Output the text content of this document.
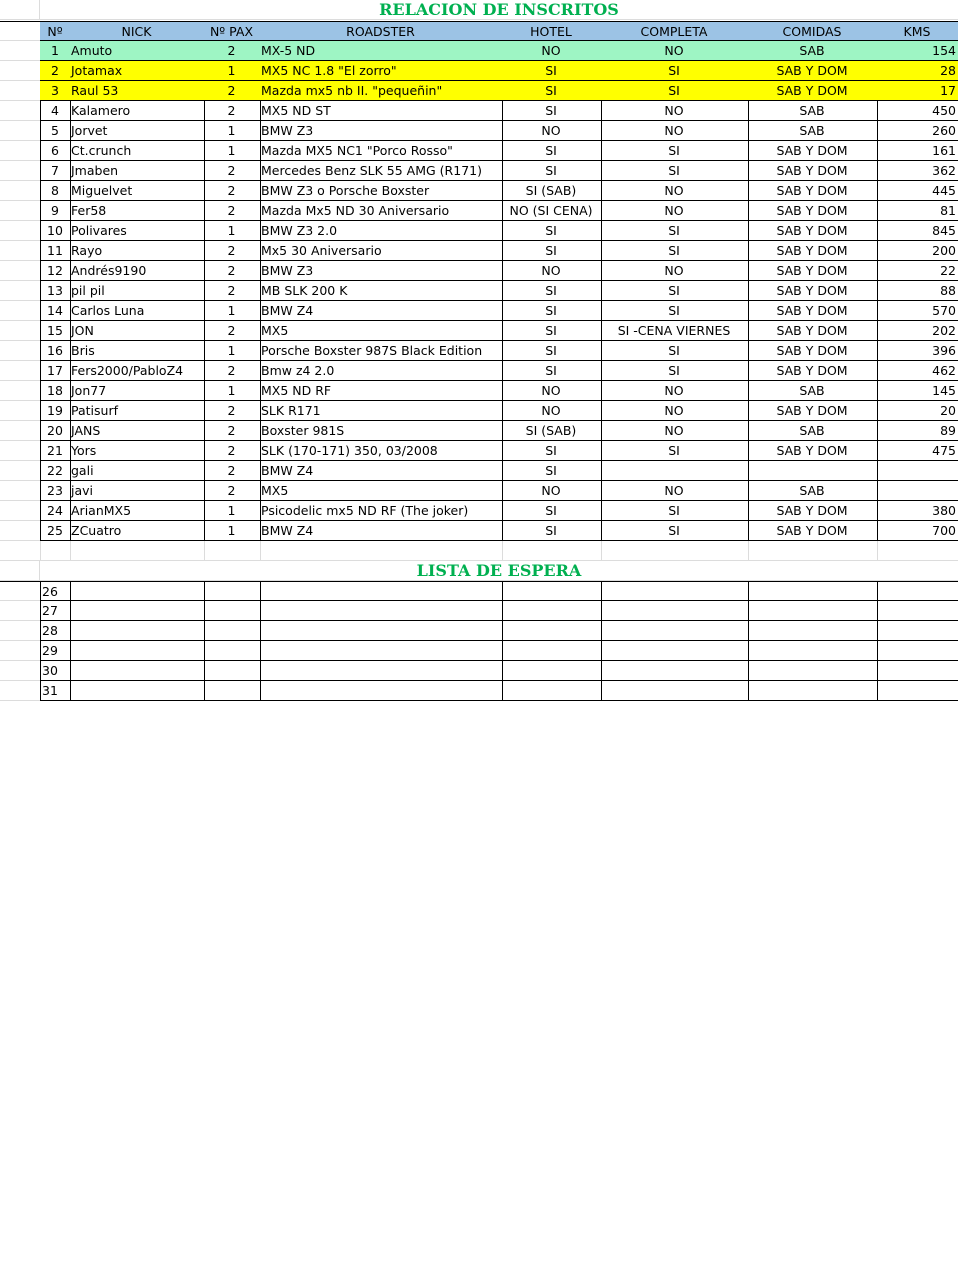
RELACION DE INSCRITOS
Nº	NICK	Nº PAX	ROADSTER	HOTEL	COMPLETA	COMIDAS	KMS
1 Amuto	2	MX-5 ND	NO	NO	SAB	154
2 Jotamax	1	MX5 NC 1.8 "El zorro"	SI	SI	SAB Y DOM	28
3 Raul 53	2	Mazda mx5 nb II. "pequeñin"	SI	SI	SAB Y DOM	17
4 Kalamero	2	MX5 ND ST	SI	NO	SAB	450
5 Jorvet	1	BMW Z3	NO	NO	SAB	260
6 Ct.crunch	1	Mazda MX5 NC1 "Porco Rosso"	SI	SI	SAB Y DOM	161
7 Jmaben	2	Mercedes Benz SLK 55 AMG (R171)	SI	SI	SAB Y DOM	362
8 Miguelvet	2	BMW Z3 o Porsche Boxster	SI (SAB)	NO	SAB Y DOM	445
9 Fer58	2	Mazda Mx5 ND 30 Aniversario	NO (SI CENA)	NO	SAB Y DOM	81
10 Polivares	1	BMW Z3 2.0	SI	SI	SAB Y DOM	845
11 Rayo	2	Mx5 30 Aniversario	SI	SI	SAB Y DOM	200
12 Andrés9190	2	BMW Z3	NO	NO	SAB Y DOM	22
13 pil pil	2	MB SLK 200 K	SI	SI	SAB Y DOM	88
14 Carlos Luna	1	BMW Z4	SI	SI	SAB Y DOM	570
15 JON	2	MX5	SI	SI -CENA VIERNES	SAB Y DOM	202
16 Bris	1	Porsche Boxster 987S Black Edition	SI	SI	SAB Y DOM	396
17 Fers2000/PabloZ4	2	Bmw z4 2.0	SI	SI	SAB Y DOM	462
18 Jon77	1	MX5 ND RF	NO	NO	SAB	145
19 Patisurf	2	SLK R171	NO	NO	SAB Y DOM	20
20 JANS	2	Boxster 981S	SI (SAB)	NO	SAB	89
21 Yors	2	SLK (170-171) 350, 03/2008	SI	SI	SAB Y DOM	475
22 gali	2	BMW Z4	SI
23 javi	2	MX5	NO	NO	SAB
24 ArianMX5	1	Psicodelic mx5 ND RF (The joker)	SI	SI	SAB Y DOM	380
25 ZCuatro	1	BMW Z4	SI	SI	SAB Y DOM	700
LISTA DE ESPERA
26
27
28
29
30
31
